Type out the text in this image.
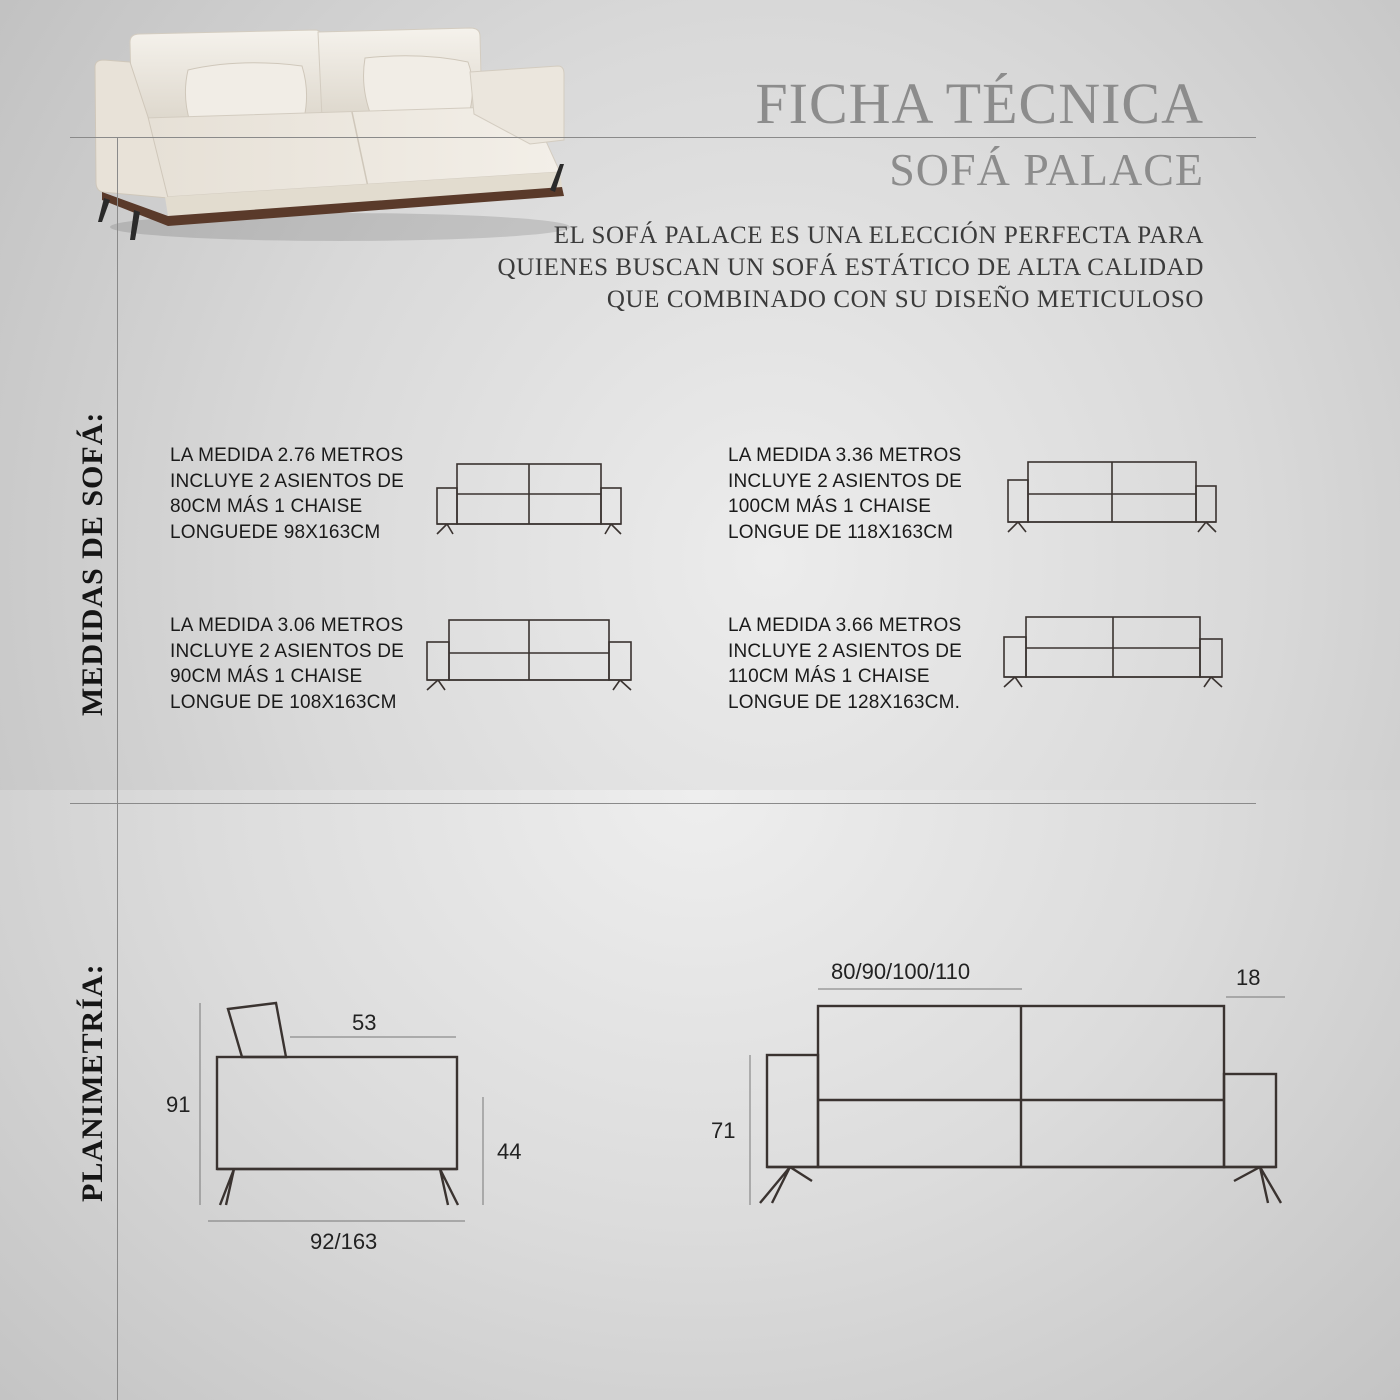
FICHA TÉCNICA
SOFÁ PALACE
EL SOFÁ PALACE ES UNA ELECCIÓN PERFECTA PARA
QUIENES BUSCAN UN SOFÁ ESTÁTICO DE ALTA CALIDAD
QUE COMBINADO CON SU DISEÑO METICULOSO
MEDIDAS DE SOFÁ:
PLANIMETRÍA:
LA MEDIDA 2.76 METROS
INCLUYE 2 ASIENTOS DE
80CM MÁS 1 CHAISE
LONGUEDE 98X163CM
LA MEDIDA 3.36 METROS
INCLUYE 2 ASIENTOS DE
100CM MÁS 1 CHAISE
LONGUE DE 118X163CM
LA MEDIDA 3.06 METROS
INCLUYE 2 ASIENTOS DE
90CM MÁS 1 CHAISE
LONGUE DE 108X163CM
LA MEDIDA 3.66 METROS
INCLUYE 2 ASIENTOS DE
110CM MÁS 1 CHAISE
LONGUE DE 128X163CM.
91
53
44
92/163
80/90/100/110	18
71
